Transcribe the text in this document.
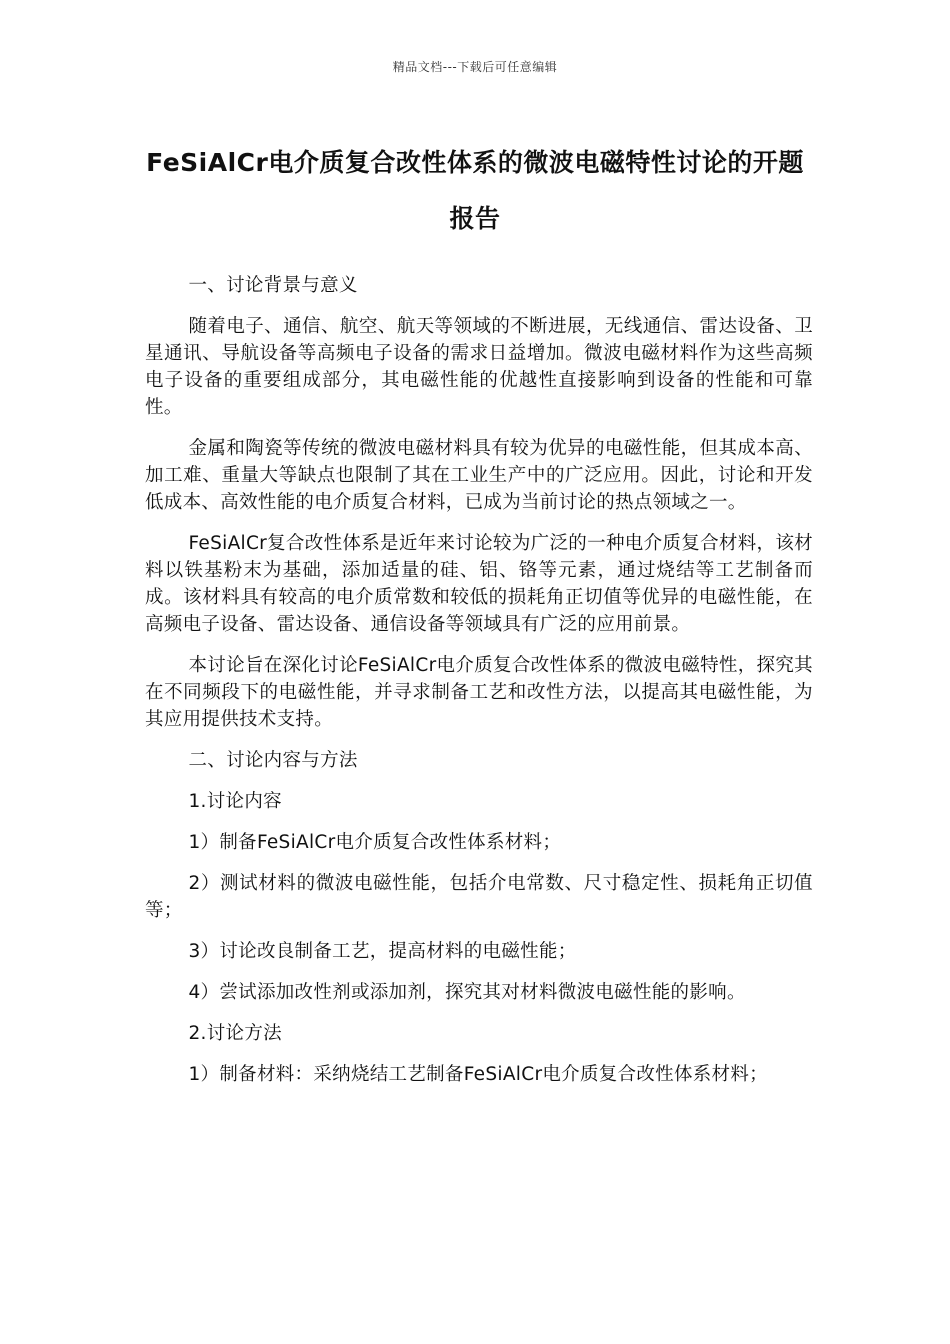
精品文档---下载后可任意编辑
FeSiAlCr电介质复合改性体系的微波电磁特性讨论的开题报告

一、讨论背景与意义

随着电子、通信、航空、航天等领域的不断进展，无线通信、雷达设备、卫星通讯、导航设备等高频电子设备的需求日益增加。微波电磁材料作为这些高频电子设备的重要组成部分，其电磁性能的优越性直接影响到设备的性能和可靠性。

金属和陶瓷等传统的微波电磁材料具有较为优异的电磁性能，但其成本高、加工难、重量大等缺点也限制了其在工业生产中的广泛应用。因此，讨论和开发低成本、高效性能的电介质复合材料，已成为当前讨论的热点领域之一。

FeSiAlCr复合改性体系是近年来讨论较为广泛的一种电介质复合材料，该材料以铁基粉末为基础，添加适量的硅、铝、铬等元素，通过烧结等工艺制备而成。该材料具有较高的电介质常数和较低的损耗角正切值等优异的电磁性能，在高频电子设备、雷达设备、通信设备等领域具有广泛的应用前景。

本讨论旨在深化讨论FeSiAlCr电介质复合改性体系的微波电磁特性，探究其在不同频段下的电磁性能，并寻求制备工艺和改性方法，以提高其电磁性能，为其应用提供技术支持。

二、讨论内容与方法

1.讨论内容

1）制备FeSiAlCr电介质复合改性体系材料；

2）测试材料的微波电磁性能，包括介电常数、尺寸稳定性、损耗角正切值等；

3）讨论改良制备工艺，提高材料的电磁性能；

4）尝试添加改性剂或添加剂，探究其对材料微波电磁性能的影响。

2.讨论方法

1）制备材料：采纳烧结工艺制备FeSiAlCr电介质复合改性体系材料；
